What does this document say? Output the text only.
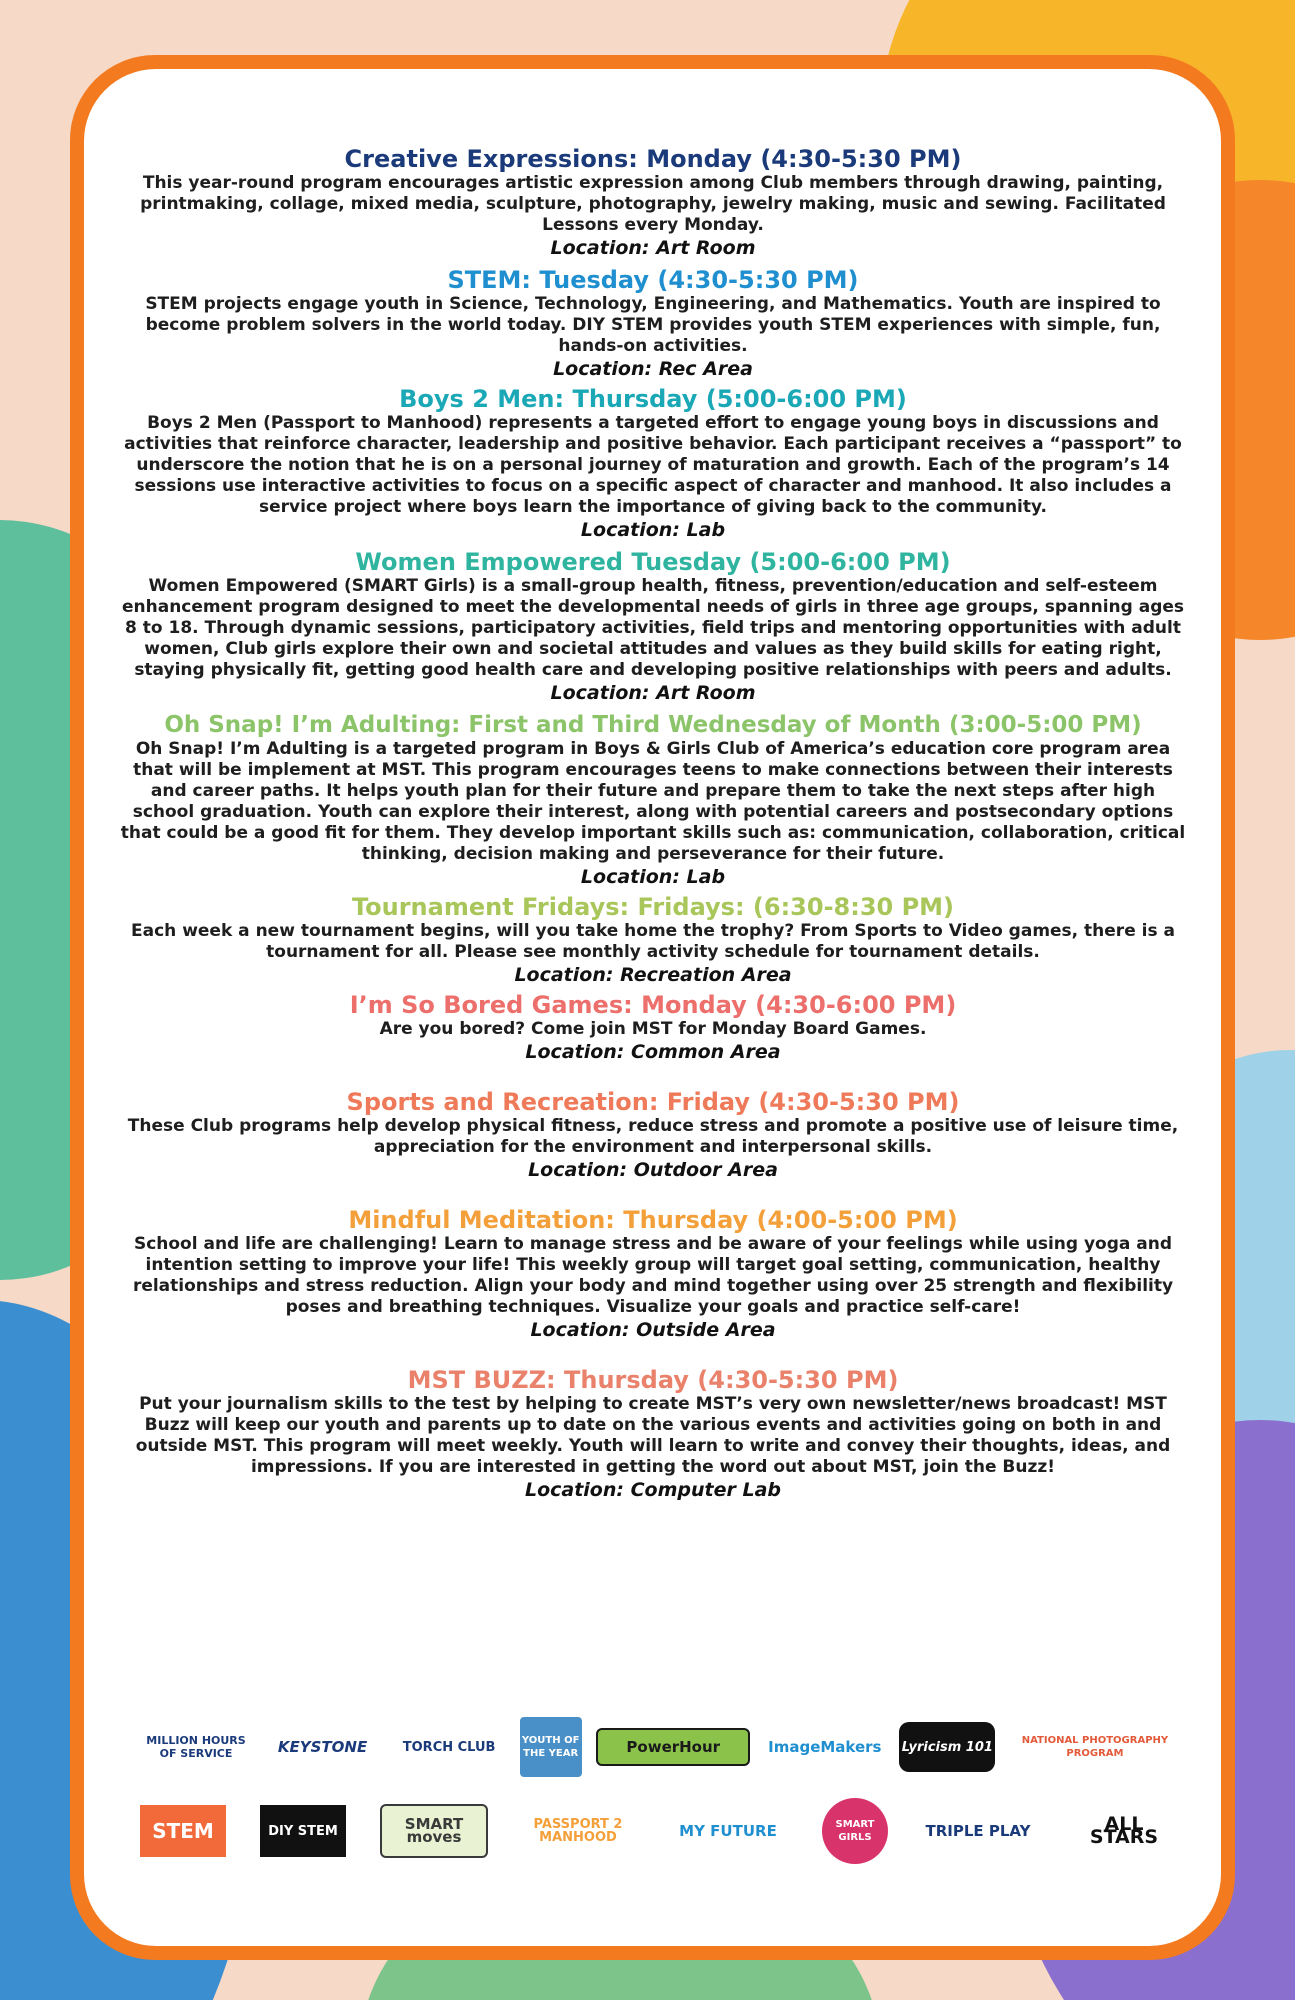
Creative Expressions: Monday (4:30-5:30 PM)

This year-round program encourages artistic expression among Club members through drawing, painting, printmaking, collage, mixed media, sculpture, photography, jewelry making, music and sewing. Facilitated Lessons every Monday.

Location: Art Room
STEM: Tuesday (4:30-5:30 PM)

STEM projects engage youth in Science, Technology, Engineering, and Mathematics. Youth are inspired to become problem solvers in the world today. DIY STEM provides youth STEM experiences with simple, fun, hands-on activities.

Location: Rec Area
Boys 2 Men: Thursday (5:00-6:00 PM)

Boys 2 Men (Passport to Manhood) represents a targeted effort to engage young boys in discussions and activities that reinforce character, leadership and positive behavior. Each participant receives a “passport” to underscore the notion that he is on a personal journey of maturation and growth. Each of the program’s 14 sessions use interactive activities to focus on a specific aspect of character and manhood. It also includes a service project where boys learn the importance of giving back to the community.

Location: Lab
Women Empowered Tuesday (5:00-6:00 PM)

Women Empowered (SMART Girls) is a small-group health, fitness, prevention/education and self-esteem enhancement program designed to meet the developmental needs of girls in three age groups, spanning ages 8 to 18. Through dynamic sessions, participatory activities, field trips and mentoring opportunities with adult women, Club girls explore their own and societal attitudes and values as they build skills for eating right, staying physically fit, getting good health care and developing positive relationships with peers and adults.

Location: Art Room
Oh Snap! I’m Adulting: First and Third Wednesday of Month (3:00-5:00 PM)

Oh Snap! I’m Adulting is a targeted program in Boys & Girls Club of America’s education core program area that will be implement at MST. This program encourages teens to make connections between their interests and career paths. It helps youth plan for their future and prepare them to take the next steps after high school graduation. Youth can explore their interest, along with potential careers and postsecondary options that could be a good fit for them. They develop important skills such as: communication, collaboration, critical thinking, decision making and perseverance for their future.

Location: Lab
Tournament Fridays: Fridays: (6:30-8:30 PM)

Each week a new tournament begins, will you take home the trophy? From Sports to Video games, there is a tournament for all. Please see monthly activity schedule for tournament details.

Location: Recreation Area
I’m So Bored Games: Monday (4:30-6:00 PM)

Are you bored? Come join MST for Monday Board Games.

Location: Common Area
Sports and Recreation: Friday (4:30-5:30 PM)

These Club programs help develop physical fitness, reduce stress and promote a positive use of leisure time, appreciation for the environment and interpersonal skills.

Location: Outdoor Area
Mindful Meditation: Thursday (4:00-5:00 PM)

School and life are challenging! Learn to manage stress and be aware of your feelings while using yoga and intention setting to improve your life! This weekly group will target goal setting, communication, healthy relationships and stress reduction. Align your body and mind together using over 25 strength and flexibility poses and breathing techniques. Visualize your goals and practice self-care!

Location: Outside Area
MST BUZZ: Thursday (4:30-5:30 PM)

Put your journalism skills to the test by helping to create MST’s very own newsletter/news broadcast! MST Buzz will keep our youth and parents up to date on the various events and activities going on both in and outside MST. This program will meet weekly. Youth will learn to write and convey their thoughts, ideas, and impressions. If you are interested in getting the word out about MST, join the Buzz!

Location: Computer Lab
MILLION HOURS OF SERVICE	KEYSTONE	TORCH CLUB	YOUTH OF THE YEAR	PowerHour	ImageMakers Lyricism 101	NATIONAL PHOTOGRAPHY PROGRAM
STEM	DIY STEM	SMART moves
PASSPORT 2 MANHOOD	MY FUTURE	SMART GIRLS	TRIPLE PLAY	ALL STARS
